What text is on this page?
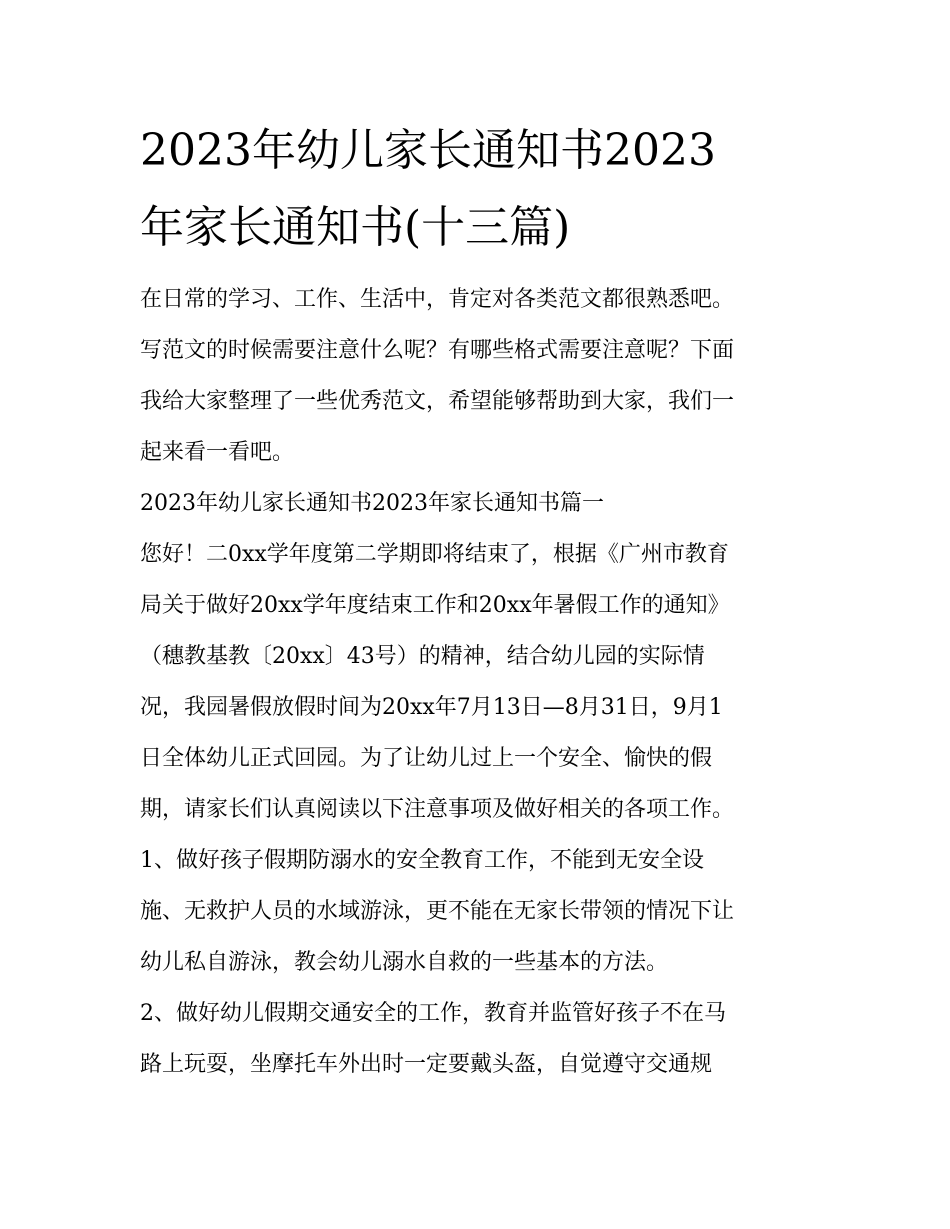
2023年幼儿家长通知书2023
年家长通知书(十三篇)
在日常的学习、工作、生活中，肯定对各类范文都很熟悉吧。
写范文的时候需要注意什么呢？有哪些格式需要注意呢？下面
我给大家整理了一些优秀范文，希望能够帮助到大家，我们一
起来看一看吧。
2023年幼儿家长通知书2023年家长通知书篇一
您好！二0xx学年度第二学期即将结束了，根据《广州市教育
局关于做好20xx学年度结束工作和20xx年暑假工作的通知》
（穗教基教〔20xx〕43号）的精神，结合幼儿园的实际情
况，我园暑假放假时间为20xx年7月13日—8月31日，9月1
日全体幼儿正式回园。为了让幼儿过上一个安全、愉快的假
期，请家长们认真阅读以下注意事项及做好相关的各项工作。
1、做好孩子假期防溺水的安全教育工作，不能到无安全设
施、无救护人员的水域游泳，更不能在无家长带领的情况下让
幼儿私自游泳，教会幼儿溺水自救的一些基本的方法。
2、做好幼儿假期交通安全的工作，教育并监管好孩子不在马
路上玩耍，坐摩托车外出时一定要戴头盔，自觉遵守交通规
